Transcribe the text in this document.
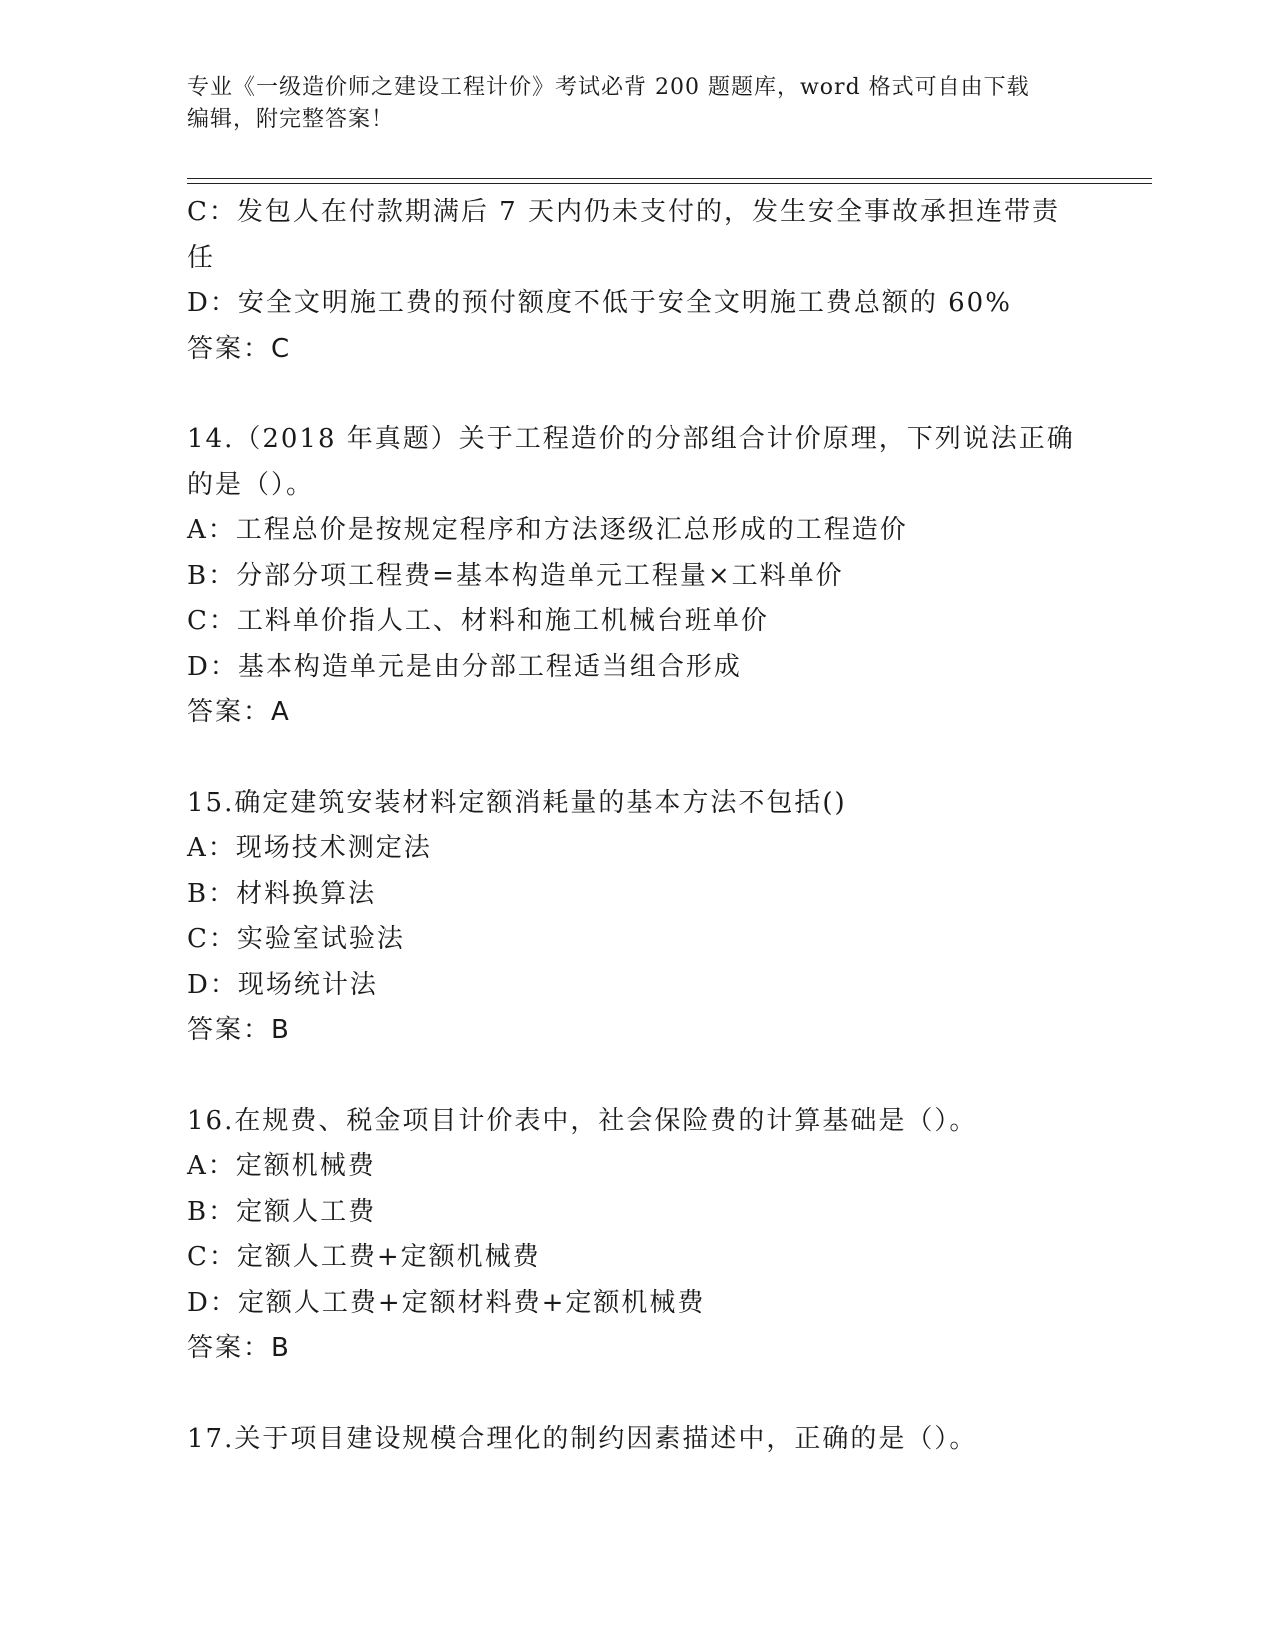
专业《一级造价师之建设工程计价》考试必背 200 题题库，word 格式可自由下载
编辑，附完整答案！
C：发包人在付款期满后 7 天内仍未支付的，发生安全事故承担连带责
任
D：安全文明施工费的预付额度不低于安全文明施工费总额的 60%
答案：C
14.（2018 年真题）关于工程造价的分部组合计价原理，下列说法正确
的是（）。
A：工程总价是按规定程序和方法逐级汇总形成的工程造价
B：分部分项工程费=基本构造单元工程量×工料单价
C：工料单价指人工、材料和施工机械台班单价
D：基本构造单元是由分部工程适当组合形成
答案：A
15.确定建筑安装材料定额消耗量的基本方法不包括()
A：现场技术测定法
B：材料换算法
C：实验室试验法
D：现场统计法
答案：B
16.在规费、税金项目计价表中，社会保险费的计算基础是（）。
A：定额机械费
B：定额人工费
C：定额人工费+定额机械费
D：定额人工费+定额材料费+定额机械费
答案：B
17.关于项目建设规模合理化的制约因素描述中，正确的是（）。
